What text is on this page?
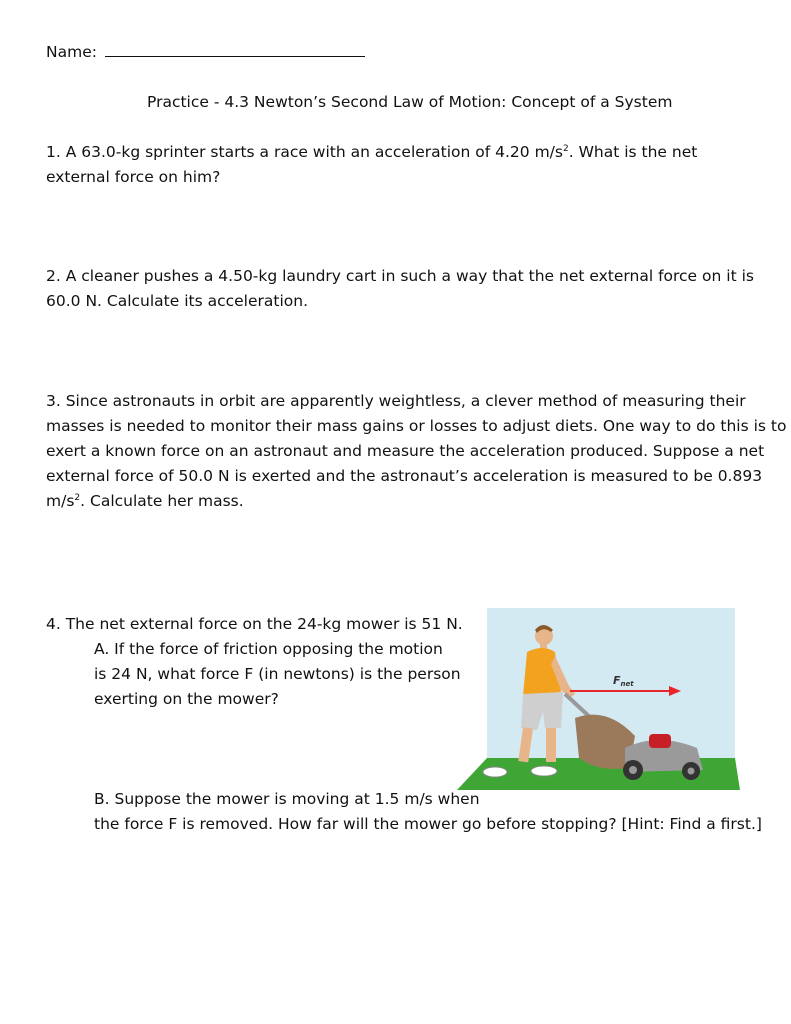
Name:
Practice - 4.3 Newton’s Second Law of Motion: Concept of a System
1. A 63.0-kg sprinter starts a race with an acceleration of 4.20 $m/s^2$. What is the net
external force on him?
2. A cleaner pushes a 4.50-kg laundry cart in such a way that the net external force on it is
60.0 N. Calculate its acceleration.
3. Since astronauts in orbit are apparently weightless, a clever method of measuring their
masses is needed to monitor their mass gains or losses to adjust diets. One way to do this is to
exert a known force on an astronaut and measure the acceleration produced. Suppose a net
external force of 50.0 N is exerted and the astronaut’s acceleration is measured to be 0.893
$m/s^2$. Calculate her mass.
4. The net external force on the 24-kg mower is 51 N.
A. If the force of friction opposing the motion
is 24 N, what force F (in newtons) is the person
exerting on the mower?
B. Suppose the mower is moving at 1.5 m/s when
the force F is removed. How far will the mower go before stopping? [Hint: Find a first.]
Fnet
